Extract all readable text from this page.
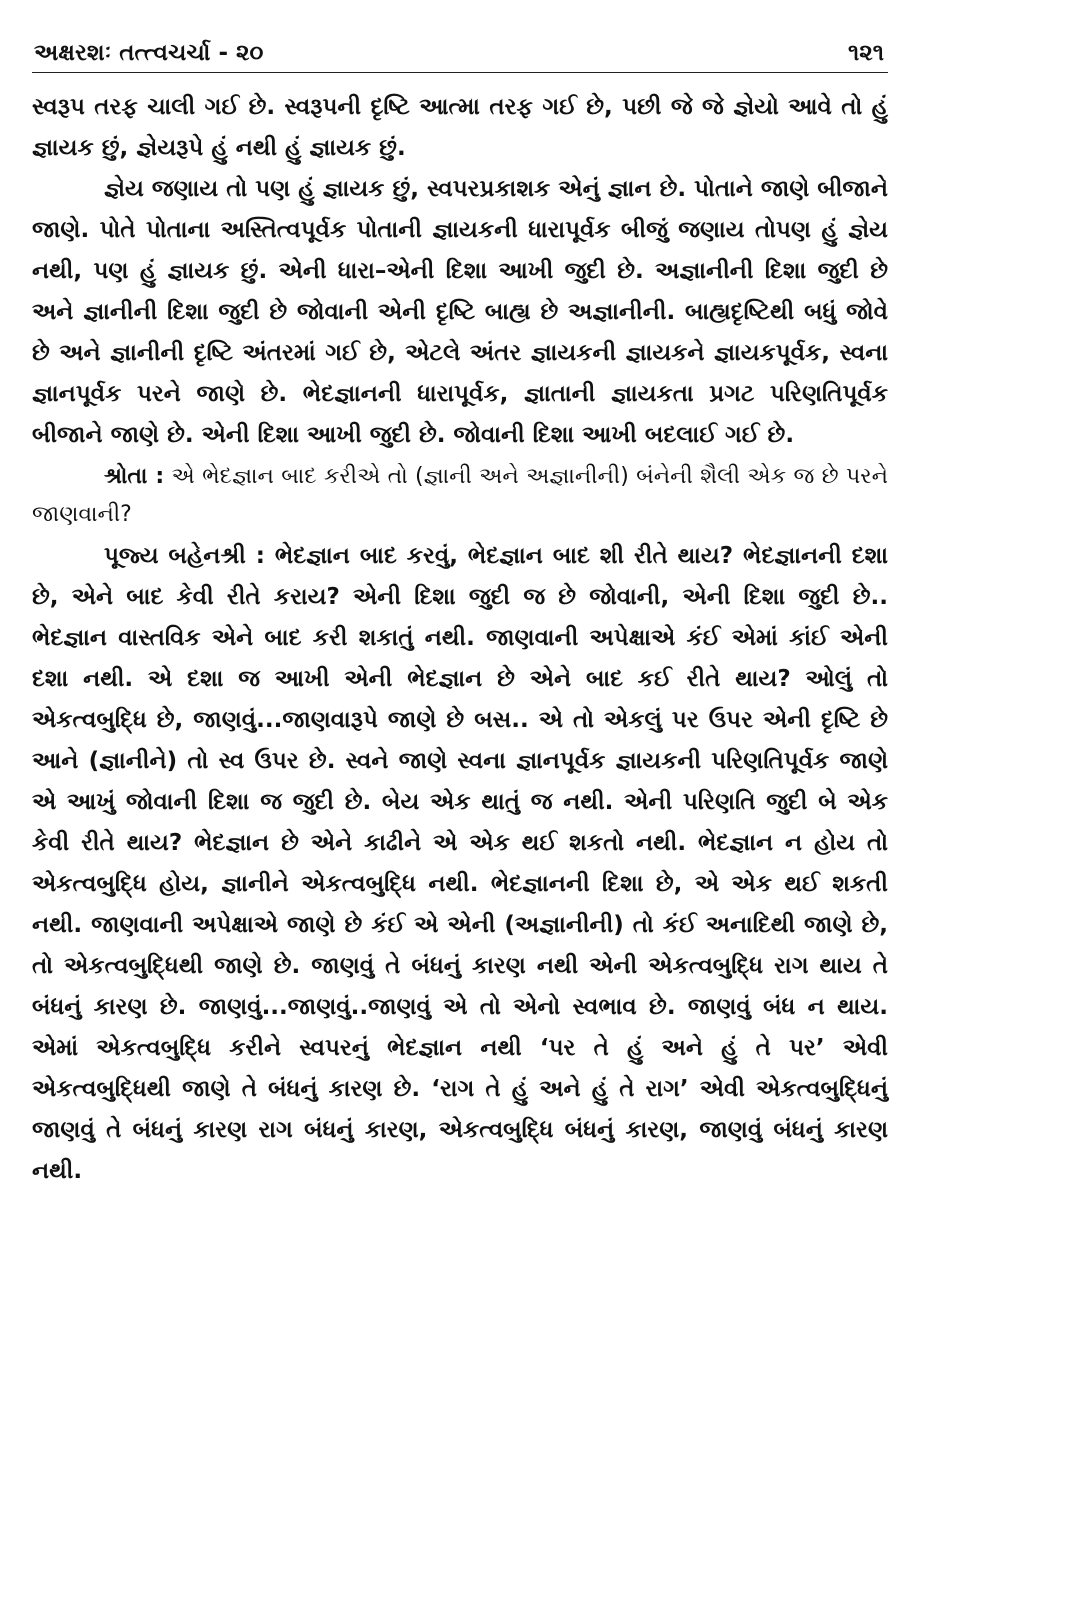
અક્ષરશઃ તત્ત્વચર્ચા - ૨૦	૧૨૧

સ્વરૂપ તરફ ચાલી ગઈ છે. સ્વરૂપની દૃષ્ટિ આત્મા તરફ ગઈ છે, પછી જે જે જ્ઞેયો આવે તો હું જ્ઞાયક છું, જ્ઞેયરૂપે હું નથી હું જ્ઞાયક છું.

જ્ઞેય જણાય તો પણ હું જ્ઞાયક છું, સ્વપરપ્રકાશક એનું જ્ઞાન છે. પોતાને જાણે બીજાને જાણે. પોતે પોતાના અસ્તિત્વપૂર્વક પોતાની જ્ઞાયકની ધારાપૂર્વક બીજું જણાય તોપણ હું જ્ઞેય નથી, પણ હું જ્ઞાયક છું. એની ધારા–એની દિશા આખી જુદી છે. અજ્ઞાનીની દિશા જુદી છે અને જ્ઞાનીની દિશા જુદી છે જોવાની એની દૃષ્ટિ બાહ્ય છે અજ્ઞાનીની. બાહ્યદૃષ્ટિથી બધું જોવે છે અને જ્ઞાનીની દૃષ્ટિ અંતરમાં ગઈ છે, એટલે અંતર જ્ઞાયકની જ્ઞાયકને જ્ઞાયકપૂર્વક, સ્વના જ્ઞાનપૂર્વક પરને જાણે છે. ભેદજ્ઞાનની ધારાપૂર્વક, જ્ઞાતાની જ્ઞાયકતા પ્રગટ પરિણતિપૂર્વક બીજાને જાણે છે. એની દિશા આખી જુદી છે. જોવાની દિશા આખી બદલાઈ ગઈ છે.

શ્રોતા : એ ભેદજ્ઞાન બાદ કરીએ તો (જ્ઞાની અને અજ્ઞાનીની) બંનેની શૈલી એક જ છે પરને જાણવાની?

પૂજ્ય બહેનશ્રી : ભેદજ્ઞાન બાદ કરવું, ભેદજ્ઞાન બાદ શી રીતે થાય? ભેદજ્ઞાનની દશા છે, એને બાદ કેવી રીતે કરાય? એની દિશા જુદી જ છે જોવાની, એની દિશા જુદી છે.. ભેદજ્ઞાન વાસ્તવિક એને બાદ કરી શકાતું નથી. જાણવાની અપેક્ષાએ કંઈ એમાં કાંઈ એની દશા નથી. એ દશા જ આખી એની ભેદજ્ઞાન છે એને બાદ કઈ રીતે થાય? ઓલું તો એકત્વબુદ્ધિ છે, જાણવું...જાણવારૂપે જાણે છે બસ.. એ તો એકલું પર ઉપર એની દૃષ્ટિ છે આને (જ્ઞાનીને) તો સ્વ ઉપર છે. સ્વને જાણે સ્વના જ્ઞાનપૂર્વક જ્ઞાયકની પરિણતિપૂર્વક જાણે એ આખું જોવાની દિશા જ જુદી છે. બેય એક થાતું જ નથી. એની પરિણતિ જુદી બે એક કેવી રીતે થાય? ભેદજ્ઞાન છે એને કાઢીને એ એક થઈ શકતો નથી. ભેદજ્ઞાન ન હોય તો એકત્વબુદ્ધિ હોય, જ્ઞાનીને એકત્વબુદ્ધિ નથી. ભેદજ્ઞાનની દિશા છે, એ એક થઈ શકતી નથી. જાણવાની અપેક્ષાએ જાણે છે કંઈ એ એની (અજ્ઞાનીની) તો કંઈ અનાદિથી જાણે છે, તો એકત્વબુદ્ધિથી જાણે છે. જાણવું તે બંધનું કારણ નથી એની એકત્વબુદ્ધિ રાગ થાય તે બંધનું કારણ છે. જાણવું...જાણવું..જાણવું એ તો એનો સ્વભાવ છે. જાણવું બંધ ન થાય. એમાં એકત્વબુદ્ધિ કરીને સ્વપરનું ભેદજ્ઞાન નથી ‘પર તે હું અને હું તે પર’ એવી એકત્વબુદ્ધિથી જાણે તે બંધનું કારણ છે. ‘રાગ તે હું અને હું તે રાગ’ એવી એકત્વબુદ્ધિનું જાણવું તે બંધનું કારણ રાગ બંધનું કારણ, એકત્વબુદ્ધિ બંધનું કારણ, જાણવું બંધનું કારણ નથી.
